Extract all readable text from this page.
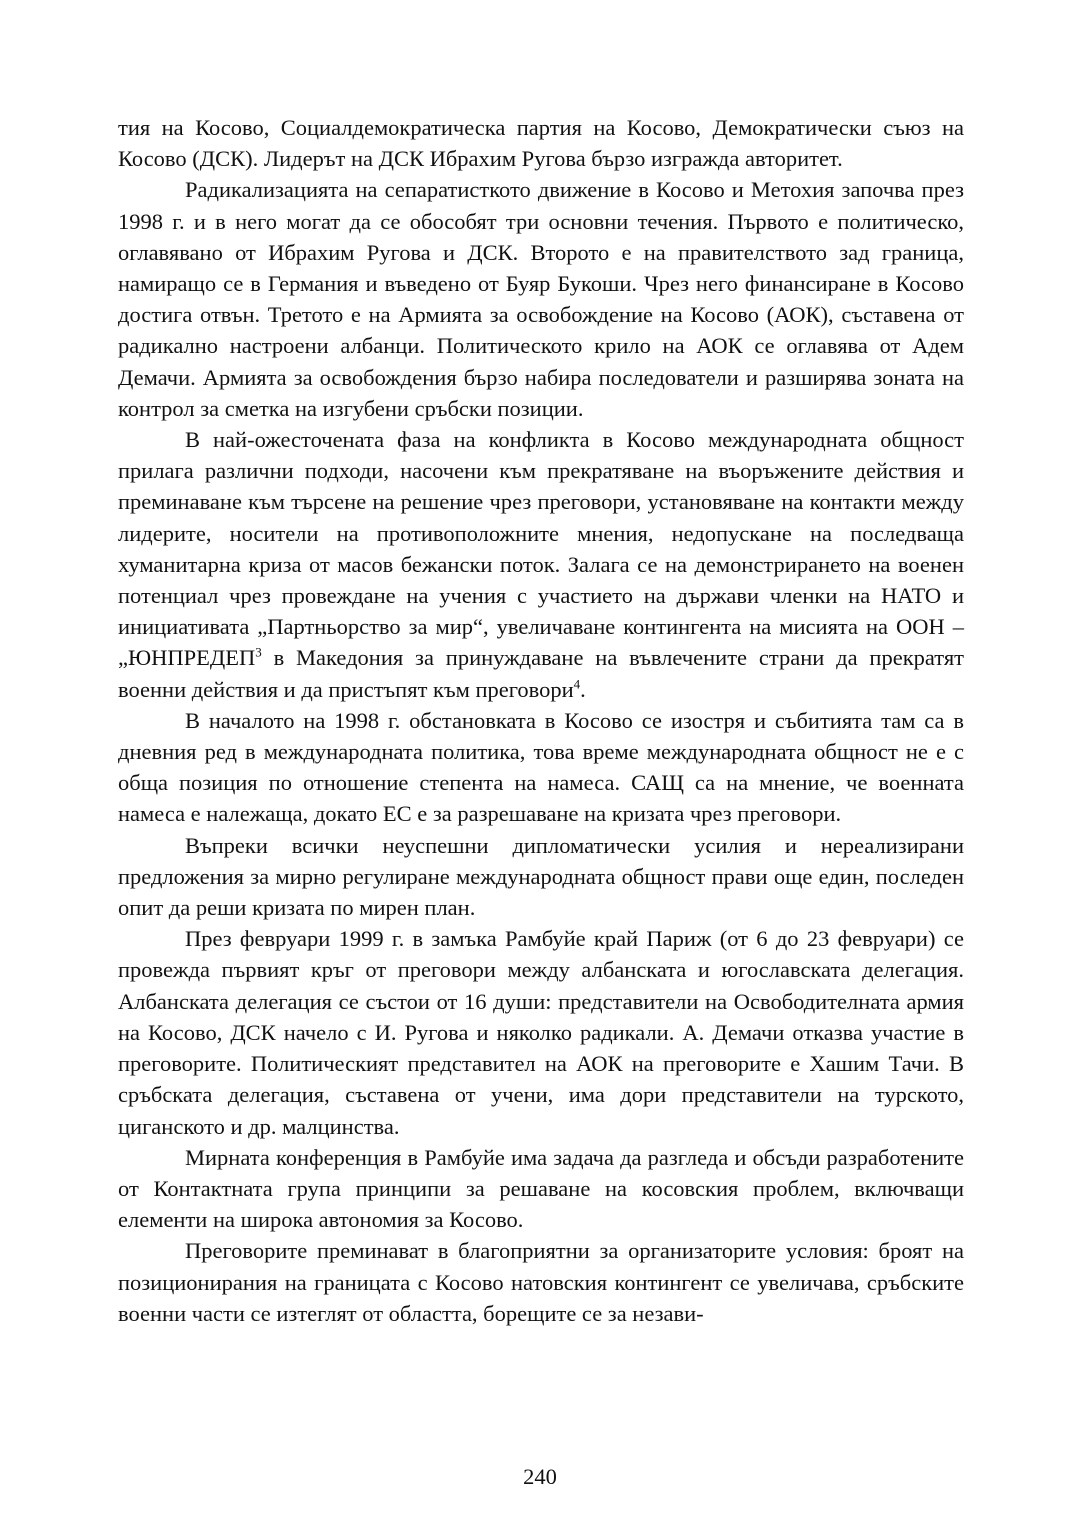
тия на Косово, Социалдемократическа партия на Косово, Демократически съюз на Косово (ДСК). Лидерът на ДСК Ибрахим Ругова бързо изгражда авторитет.

Радикализацията на сепаратисткото движение в Косово и Метохия започва през 1998 г. и в него могат да се обособят три основни течения. Първото е политическо, оглавявано от Ибрахим Ругова и ДСК. Второто е на правителството зад граница, намиращо се в Германия и въведено от Буяр Букоши. Чрез него финансиране в Косово достига отвън. Третото е на Армията за освобождение на Косово (АОК), съставена от радикално настроени албанци. Политическото крило на АОК се оглавява от Адем Демачи. Армията за освобождения бързо набира последователи и разширява зоната на контрол за сметка на изгубени сръбски позиции.

В най-ожесточената фаза на конфликта в Косово международната общност прилага различни подходи, насочени към прекратяване на въоръжените действия и преминаване към търсене на решение чрез преговори, установяване на контакти между лидерите, носители на противоположните мнения, недопускане на последваща хуманитарна криза от масов бежански поток. Залага се на демонстрирането на военен потенциал чрез провеждане на учения с участието на държави членки на НАТО и инициативата „Партньорство за мир“, увеличаване контингента на мисията на ООН – „ЮНПРЕДЕП$^3$ в Македония за принуждаване на въвлечените страни да прекратят военни действия и да пристъпят към преговори$^4$.

В началото на 1998 г. обстановката в Косово се изостря и събитията там са в дневния ред в международната политика, това време международната общност не е с обща позиция по отношение степента на намеса. САЩ са на мнение, че военната намеса е належаща, докато ЕС е за разрешаване на кризата чрез преговори.

Въпреки всички неуспешни дипломатически усилия и нереализирани предложения за мирно регулиране международната общност прави още един, последен опит да реши кризата по мирен план.

През февруари 1999 г. в замъка Рамбуйе край Париж (от 6 до 23 февруари) се провежда първият кръг от преговори между албанската и югославската делегация. Албанската делегация се състои от 16 души: представители на Освободителната армия на Косово, ДСК начело с И. Ругова и няколко радикали. А. Демачи отказва участие в преговорите. Политическият представител на АОК на преговорите е Хашим Тачи. В сръбската делегация, съставена от учени, има дори представители на турското, циганското и др. малцинства.

Мирната конференция в Рамбуйе има задача да разгледа и обсъди разработените от Контактната група принципи за решаване на косовския проблем, включващи елементи на широка автономия за Косово.

Преговорите преминават в благоприятни за организаторите условия: броят на позиционирания на границата с Косово натовския контингент се увеличава, сръбските военни части се изтеглят от областта, борещите се за незави-

240
